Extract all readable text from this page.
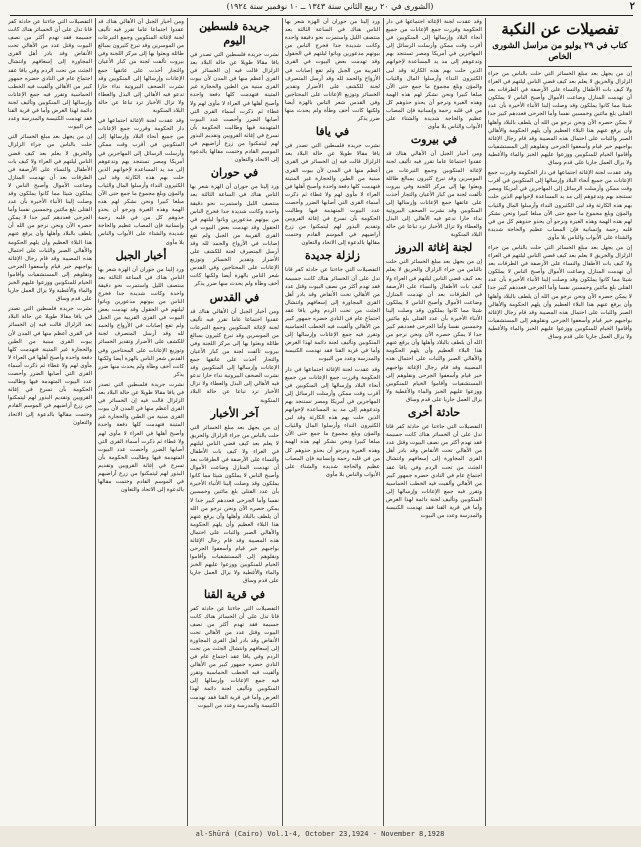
٢
(الشورى في ٢٠ ربيع الثاني سنة ١٣٤٣ ــ ١٠ نوفمبر سنة ١٩٢٤)
تفصيلات عن النكبة
كتاب في ٢٩ يوليو من مراسل الشورى الخاص

إن من يجهل بعد مبلغ الخسائر التي حلت بالناس من جراء الزلزال والحريق لا يعلم بعد كيف قضي الناس ليلتهم في العراء ولا كيف بات الأطفال والنساء على الأرصفة في الطرقات بعد أن تهدمت المنازل وضاعت الأموال وأصبح الناس لا يملكون شيئا مما كانوا يملكون وقد وصلت إلينا الأنباء الأخيرة بأن عدد القتلى بلغ مائتين وخمسين نفسا وأما الجرحى فعددهم كبير جدا لا يمكن حصره الآن ونحن نرجو من الله أن يلطف بالبلاد وأهلها وأن يرفع عنهم هذا البلاء العظيم وأن يلهم الحكومة والأهالي الصبر والثبات على احتمال هذه المصيبة وقد قام رجال الإغاثة بواجبهم خير قيام وأسعفوا الجرحى ونقلوهم إلى المستشفيات وأقاموا الخيام للمنكوبين ووزعوا عليهم الخبز والماء والأغطية ولا يزال العمل جاريا على قدم وساق

وقد عقدت لجنة الإغاثة اجتماعها في دار الحكومة وقررت جمع الإعانات من جميع أنحاء البلاد وإرسالها إلى المنكوبين في أقرب وقت ممكن وأرسلت الرسائل إلى المهاجرين في أمريكا ومصر تستنجد بهم وتدعوهم إلى مد يد المساعدة لإخوانهم الذين حلت بهم هذه الكارثة وقد لبى الكثيرون النداء وأرسلوا المال والثياب والمؤن وبلغ مجموع ما جمع حتى الآن مبلغا كبيرا ونحن نشكر لهم هذه الهمة وهذه الغيرة ونرجو أن يحذو حذوهم كل من في قلبه رحمة وإنسانية فإن المصاب عظيم والحاجة شديدة والشتاء على الأبواب والناس بلا مأوى

إن من يجهل بعد مبلغ الخسائر التي حلت بالناس من جراء الزلزال والحريق لا يعلم بعد كيف قضي الناس ليلتهم في العراء ولا كيف بات الأطفال والنساء على الأرصفة في الطرقات بعد أن تهدمت المنازل وضاعت الأموال وأصبح الناس لا يملكون شيئا مما كانوا يملكون وقد وصلت إلينا الأنباء الأخيرة بأن عدد القتلى بلغ مائتين وخمسين نفسا وأما الجرحى فعددهم كبير جدا لا يمكن حصره الآن ونحن نرجو من الله أن يلطف بالبلاد وأهلها وأن يرفع عنهم هذا البلاء العظيم وأن يلهم الحكومة والأهالي الصبر والثبات على احتمال هذه المصيبة وقد قام رجال الإغاثة بواجبهم خير قيام وأسعفوا الجرحى ونقلوهم إلى المستشفيات وأقاموا الخيام للمنكوبين ووزعوا عليهم الخبز والماء والأغطية ولا يزال العمل جاريا على قدم وساق

وقد عقدت لجنة الإغاثة اجتماعها في دار الحكومة وقررت جمع الإعانات من جميع أنحاء البلاد وإرسالها إلى المنكوبين في أقرب وقت ممكن وأرسلت الرسائل إلى المهاجرين في أمريكا ومصر تستنجد بهم وتدعوهم إلى مد يد المساعدة لإخوانهم الذين حلت بهم هذه الكارثة وقد لبى الكثيرون النداء وأرسلوا المال والثياب والمؤن وبلغ مجموع ما جمع حتى الآن مبلغا كبيرا ونحن نشكر لهم هذه الهمة وهذه الغيرة ونرجو أن يحذو حذوهم كل من في قلبه رحمة وإنسانية فإن المصاب عظيم والحاجة شديدة والشتاء على الأبواب والناس بلا مأوى

في بيروت

ومن أخبار الجبل أن الأهالي هناك قد عقدوا اجتماعا عاما تقرر فيه تأليف لجنة لإغاثة المنكوبين وجمع التبرعات من الموسرين وقد تبرع كثيرون بمبالغ طائلة وبعثوا بها إلى مركز اللجنة وفي بيروت تألفت لجنة من كبار الأعيان والتجار أخذت على عاتقها جمع الإعانات وإرسالها إلى المنكوبين وقد نشرت الصحف البيروتية نداء حارا تدعو فيه الأهالي إلى البذل والعطاء ولا تزال الأخبار ترد تباعا عن حالة البلاد المنكوبة

لجنة إغاثة الدروز

إن من يجهل بعد مبلغ الخسائر التي حلت بالناس من جراء الزلزال والحريق لا يعلم بعد كيف قضي الناس ليلتهم في العراء ولا كيف بات الأطفال والنساء على الأرصفة في الطرقات بعد أن تهدمت المنازل وضاعت الأموال وأصبح الناس لا يملكون شيئا مما كانوا يملكون وقد وصلت إلينا الأنباء الأخيرة بأن عدد القتلى بلغ مائتين وخمسين نفسا وأما الجرحى فعددهم كبير جدا لا يمكن حصره الآن ونحن نرجو من الله أن يلطف بالبلاد وأهلها وأن يرفع عنهم هذا البلاء العظيم وأن يلهم الحكومة والأهالي الصبر والثبات على احتمال هذه المصيبة وقد قام رجال الإغاثة بواجبهم خير قيام وأسعفوا الجرحى ونقلوهم إلى المستشفيات وأقاموا الخيام للمنكوبين ووزعوا عليهم الخبز والماء والأغطية ولا يزال العمل جاريا على قدم وساق

حادثة أخرى

التفصيلات التي جاءتنا عن حادثة كفر قانا تدل على أن الخسائر هناك كانت جسيمة فقد تهدم أكثر من نصف البيوت وقتل عدد من الأهالي تحت الأنقاض وقد بادر أهل القرى المجاورة إلى إسعافهم وانتشال الجثث من تحت الردم وفي يافا عقد اجتماع عام في النادي حضره جمهور كبير من الأهالي وألقيت فيه الخطب الحماسية وتقرر فيه جمع الإعانات وإرسالها إلى المنكوبين وتأليف لجنة دائمة لهذا الغرض وأما في قرية القنا فقد تهدمت الكنيسة والمدرسة وعدد من البيوت

ورد إلينا من حوران أن الهزة شعر بها الناس هناك في الساعة الثالثة بعد منتصف الليل واستمرت نحو دقيقة واحدة وكانت شديدة جدا فخرج الناس من بيوتهم مذعورين وباتوا ليلتهم في الحقول وقد تهدمت بعض البيوت في القرى القريبة من الجبل ولم تقع إصابات في الأرواح والحمد لله وقد أرسل المتصرف لجنة للكشف على الأضرار وتقدير الخسائر وتوزيع الإعانات على المحتاجين وفي القدس شعر الناس بالهزة أيضا ولكنها كانت أخف وطأة ولم يحدث منها ضرر يذكر

في يافا

نشرت جريدة فلسطين التي تصدر في يافا مقالا طويلا عن حالة البلاد بعد الزلزال قالت فيه إن الخسائر في القرى أعظم منها في المدن لأن بيوت القرى مبنية من الطين والحجارة غير المتينة فتهدمت كلها دفعة واحدة وأصبح أهلها في العراء لا مأوى لهم ولا غطاء ثم ذكرت أسماء القرى التي أصابها الضرر وأحصت عدد البيوت المتهدمة فيها وطالبت الحكومة بأن تسرع في إغاثة القرويين وتقديم البذور لهم ليتمكنوا من زرع أراضيهم في الموسم القادم وختمت مقالها بالدعوة إلى الاتحاد والتعاون

زلزلة جديدة

التفصيلات التي جاءتنا عن حادثة كفر قانا تدل على أن الخسائر هناك كانت جسيمة فقد تهدم أكثر من نصف البيوت وقتل عدد من الأهالي تحت الأنقاض وقد بادر أهل القرى المجاورة إلى إسعافهم وانتشال الجثث من تحت الردم وفي يافا عقد اجتماع عام في النادي حضره جمهور كبير من الأهالي وألقيت فيه الخطب الحماسية وتقرر فيه جمع الإعانات وإرسالها إلى المنكوبين وتأليف لجنة دائمة لهذا الغرض وأما في قرية القنا فقد تهدمت الكنيسة والمدرسة وعدد من البيوت

وقد عقدت لجنة الإغاثة اجتماعها في دار الحكومة وقررت جمع الإعانات من جميع أنحاء البلاد وإرسالها إلى المنكوبين في أقرب وقت ممكن وأرسلت الرسائل إلى المهاجرين في أمريكا ومصر تستنجد بهم وتدعوهم إلى مد يد المساعدة لإخوانهم الذين حلت بهم هذه الكارثة وقد لبى الكثيرون النداء وأرسلوا المال والثياب والمؤن وبلغ مجموع ما جمع حتى الآن مبلغا كبيرا ونحن نشكر لهم هذه الهمة وهذه الغيرة ونرجو أن يحذو حذوهم كل من في قلبه رحمة وإنسانية فإن المصاب عظيم والحاجة شديدة والشتاء على الأبواب والناس بلا مأوى

جريدة فلسطين اليوم

نشرت جريدة فلسطين التي تصدر في يافا مقالا طويلا عن حالة البلاد بعد الزلزال قالت فيه إن الخسائر في القرى أعظم منها في المدن لأن بيوت القرى مبنية من الطين والحجارة غير المتينة فتهدمت كلها دفعة واحدة وأصبح أهلها في العراء لا مأوى لهم ولا غطاء ثم ذكرت أسماء القرى التي أصابها الضرر وأحصت عدد البيوت المتهدمة فيها وطالبت الحكومة بأن تسرع في إغاثة القرويين وتقديم البذور لهم ليتمكنوا من زرع أراضيهم في الموسم القادم وختمت مقالها بالدعوة إلى الاتحاد والتعاون

في حوران

ورد إلينا من حوران أن الهزة شعر بها الناس هناك في الساعة الثالثة بعد منتصف الليل واستمرت نحو دقيقة واحدة وكانت شديدة جدا فخرج الناس من بيوتهم مذعورين وباتوا ليلتهم في الحقول وقد تهدمت بعض البيوت في القرى القريبة من الجبل ولم تقع إصابات في الأرواح والحمد لله وقد أرسل المتصرف لجنة للكشف على الأضرار وتقدير الخسائر وتوزيع الإعانات على المحتاجين وفي القدس شعر الناس بالهزة أيضا ولكنها كانت أخف وطأة ولم يحدث منها ضرر يذكر

في القدس

ومن أخبار الجبل أن الأهالي هناك قد عقدوا اجتماعا عاما تقرر فيه تأليف لجنة لإغاثة المنكوبين وجمع التبرعات من الموسرين وقد تبرع كثيرون بمبالغ طائلة وبعثوا بها إلى مركز اللجنة وفي بيروت تألفت لجنة من كبار الأعيان والتجار أخذت على عاتقها جمع الإعانات وإرسالها إلى المنكوبين وقد نشرت الصحف البيروتية نداء حارا تدعو فيه الأهالي إلى البذل والعطاء ولا تزال الأخبار ترد تباعا عن حالة البلاد المنكوبة

آخر الأخبار

إن من يجهل بعد مبلغ الخسائر التي حلت بالناس من جراء الزلزال والحريق لا يعلم بعد كيف قضي الناس ليلتهم في العراء ولا كيف بات الأطفال والنساء على الأرصفة في الطرقات بعد أن تهدمت المنازل وضاعت الأموال وأصبح الناس لا يملكون شيئا مما كانوا يملكون وقد وصلت إلينا الأنباء الأخيرة بأن عدد القتلى بلغ مائتين وخمسين نفسا وأما الجرحى فعددهم كبير جدا لا يمكن حصره الآن ونحن نرجو من الله أن يلطف بالبلاد وأهلها وأن يرفع عنهم هذا البلاء العظيم وأن يلهم الحكومة والأهالي الصبر والثبات على احتمال هذه المصيبة وقد قام رجال الإغاثة بواجبهم خير قيام وأسعفوا الجرحى ونقلوهم إلى المستشفيات وأقاموا الخيام للمنكوبين ووزعوا عليهم الخبز والماء والأغطية ولا يزال العمل جاريا على قدم وساق

في قرية القنا

التفصيلات التي جاءتنا عن حادثة كفر قانا تدل على أن الخسائر هناك كانت جسيمة فقد تهدم أكثر من نصف البيوت وقتل عدد من الأهالي تحت الأنقاض وقد بادر أهل القرى المجاورة إلى إسعافهم وانتشال الجثث من تحت الردم وفي يافا عقد اجتماع عام في النادي حضره جمهور كبير من الأهالي وألقيت فيه الخطب الحماسية وتقرر فيه جمع الإعانات وإرسالها إلى المنكوبين وتأليف لجنة دائمة لهذا الغرض وأما في قرية القنا فقد تهدمت الكنيسة والمدرسة وعدد من البيوت

ومن أخبار الجبل أن الأهالي هناك قد عقدوا اجتماعا عاما تقرر فيه تأليف لجنة لإغاثة المنكوبين وجمع التبرعات من الموسرين وقد تبرع كثيرون بمبالغ طائلة وبعثوا بها إلى مركز اللجنة وفي بيروت تألفت لجنة من كبار الأعيان والتجار أخذت على عاتقها جمع الإعانات وإرسالها إلى المنكوبين وقد نشرت الصحف البيروتية نداء حارا تدعو فيه الأهالي إلى البذل والعطاء ولا تزال الأخبار ترد تباعا عن حالة البلاد المنكوبة

وقد عقدت لجنة الإغاثة اجتماعها في دار الحكومة وقررت جمع الإعانات من جميع أنحاء البلاد وإرسالها إلى المنكوبين في أقرب وقت ممكن وأرسلت الرسائل إلى المهاجرين في أمريكا ومصر تستنجد بهم وتدعوهم إلى مد يد المساعدة لإخوانهم الذين حلت بهم هذه الكارثة وقد لبى الكثيرون النداء وأرسلوا المال والثياب والمؤن وبلغ مجموع ما جمع حتى الآن مبلغا كبيرا ونحن نشكر لهم هذه الهمة وهذه الغيرة ونرجو أن يحذو حذوهم كل من في قلبه رحمة وإنسانية فإن المصاب عظيم والحاجة شديدة والشتاء على الأبواب والناس بلا مأوى

أخبار الجبل

ورد إلينا من حوران أن الهزة شعر بها الناس هناك في الساعة الثالثة بعد منتصف الليل واستمرت نحو دقيقة واحدة وكانت شديدة جدا فخرج الناس من بيوتهم مذعورين وباتوا ليلتهم في الحقول وقد تهدمت بعض البيوت في القرى القريبة من الجبل ولم تقع إصابات في الأرواح والحمد لله وقد أرسل المتصرف لجنة للكشف على الأضرار وتقدير الخسائر وتوزيع الإعانات على المحتاجين وفي القدس شعر الناس بالهزة أيضا ولكنها كانت أخف وطأة ولم يحدث منها ضرر يذكر

نشرت جريدة فلسطين التي تصدر في يافا مقالا طويلا عن حالة البلاد بعد الزلزال قالت فيه إن الخسائر في القرى أعظم منها في المدن لأن بيوت القرى مبنية من الطين والحجارة غير المتينة فتهدمت كلها دفعة واحدة وأصبح أهلها في العراء لا مأوى لهم ولا غطاء ثم ذكرت أسماء القرى التي أصابها الضرر وأحصت عدد البيوت المتهدمة فيها وطالبت الحكومة بأن تسرع في إغاثة القرويين وتقديم البذور لهم ليتمكنوا من زرع أراضيهم في الموسم القادم وختمت مقالها بالدعوة إلى الاتحاد والتعاون

التفصيلات التي جاءتنا عن حادثة كفر قانا تدل على أن الخسائر هناك كانت جسيمة فقد تهدم أكثر من نصف البيوت وقتل عدد من الأهالي تحت الأنقاض وقد بادر أهل القرى المجاورة إلى إسعافهم وانتشال الجثث من تحت الردم وفي يافا عقد اجتماع عام في النادي حضره جمهور كبير من الأهالي وألقيت فيه الخطب الحماسية وتقرر فيه جمع الإعانات وإرسالها إلى المنكوبين وتأليف لجنة دائمة لهذا الغرض وأما في قرية القنا فقد تهدمت الكنيسة والمدرسة وعدد من البيوت

إن من يجهل بعد مبلغ الخسائر التي حلت بالناس من جراء الزلزال والحريق لا يعلم بعد كيف قضي الناس ليلتهم في العراء ولا كيف بات الأطفال والنساء على الأرصفة في الطرقات بعد أن تهدمت المنازل وضاعت الأموال وأصبح الناس لا يملكون شيئا مما كانوا يملكون وقد وصلت إلينا الأنباء الأخيرة بأن عدد القتلى بلغ مائتين وخمسين نفسا وأما الجرحى فعددهم كبير جدا لا يمكن حصره الآن ونحن نرجو من الله أن يلطف بالبلاد وأهلها وأن يرفع عنهم هذا البلاء العظيم وأن يلهم الحكومة والأهالي الصبر والثبات على احتمال هذه المصيبة وقد قام رجال الإغاثة بواجبهم خير قيام وأسعفوا الجرحى ونقلوهم إلى المستشفيات وأقاموا الخيام للمنكوبين ووزعوا عليهم الخبز والماء والأغطية ولا يزال العمل جاريا على قدم وساق

نشرت جريدة فلسطين التي تصدر في يافا مقالا طويلا عن حالة البلاد بعد الزلزال قالت فيه إن الخسائر في القرى أعظم منها في المدن لأن بيوت القرى مبنية من الطين والحجارة غير المتينة فتهدمت كلها دفعة واحدة وأصبح أهلها في العراء لا مأوى لهم ولا غطاء ثم ذكرت أسماء القرى التي أصابها الضرر وأحصت عدد البيوت المتهدمة فيها وطالبت الحكومة بأن تسرع في إغاثة القرويين وتقديم البذور لهم ليتمكنوا من زرع أراضيهم في الموسم القادم وختمت مقالها بالدعوة إلى الاتحاد والتعاون

al-Shūrá (Cairo) Vol.1-4, October 23,1924 - November 8,1928
